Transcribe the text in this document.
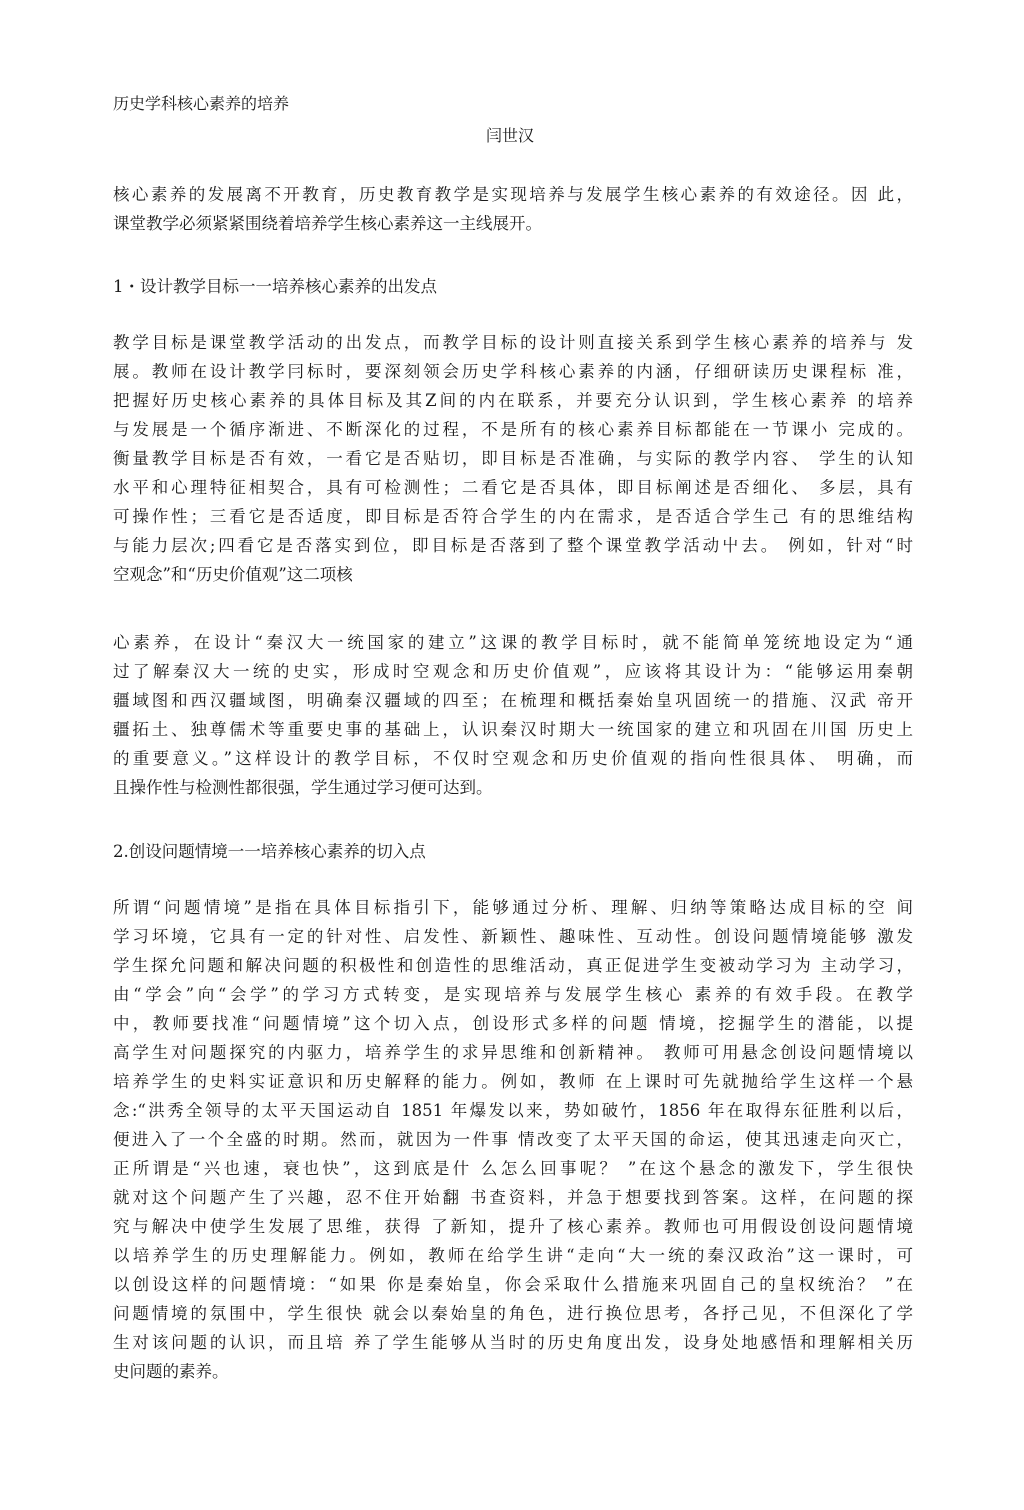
历史学科核心素养的培养
闫世汉
核心素养的发展离不开教育，历史教育教学是实现培养与发展学生核心素养的有效途径。因 此，
课堂教学必须紧紧围绕着培养学生核心素养这一主线展开。
1・设计教学目标一一培养核心素养的出发点
教学目标是课堂教学活动的出发点，而教学目标的设计则直接关系到学生核心素养的培养与 发
展。教师在设计教学冃标时，要深刻领会历史学科核心素养的内涵，仔细研读历史课程标 准，
把握好历史核心素养的具体目标及其Z间的内在联系，并要充分认识到，学生核心素养 的培养
与发展是一个循序渐进、不断深化的过程，不是所有的核心素养目标都能在一节课小 完成的。
衡量教学目标是否有效，一看它是否贴切，即目标是否准确，与实际的教学内容、 学生的认知
水平和心理特征相契合，具有可检测性；二看它是否具体，即目标阐述是否细化、 多层，具有
可操作性；三看它是否适度，即目标是否符合学生的内在需求，是否适合学生己 有的思维结构
与能力层次;四看它是否落实到位，即目标是否落到了整个课堂教学活动屮去。 例如，针对“时
空观念”和“历史价值观”这二项核
心素养，在设计“秦汉大一统国家的建立”这课的教学目标时，就不能简单笼统地设定为“通
过了解秦汉大一统的史实，形成时空观念和历史价值观”，应该将其设计为：“能够运用秦朝
疆域图和西汉疆域图，明确秦汉疆域的四至；在梳理和概括秦始皇巩固统一的措施、汉武 帝开
疆拓土、独尊儒术等重要史事的基础上，认识秦汉时期大一统国家的建立和巩固在川国 历史上
的重要意义。”这样设计的教学目标，不仅时空观念和历史价值观的指向性很具体、 明确，而
且操作性与检测性都很强，学生通过学习便可达到。
2.创设问题情境一一培养核心素养的切入点
所谓“问题情境”是指在具体目标指引下，能够通过分析、理解、归纳等策略达成目标的空 间
学习坏境，它具有一定的针对性、启发性、新颖性、趣味性、互动性。创设问题情境能够 激发
学生探允问题和解决问题的积极性和创造性的思维活动，真正促进学生变被动学习为 主动学习，
由“学会”向“会学”的学习方式转变，是实现培养与发展学生核心 素养的有效手段。在教学
中，教师要找准“问题情境”这个切入点，创设形式多样的问题 情境，挖掘学生的潜能，以提
高学生对问题探究的内驱力，培养学生的求异思维和创新精神。 教师可用悬念创设问题情境以
培养学生的史料实证意识和历史解释的能力。例如，教师 在上课时可先就抛给学生这样一个悬
念:“洪秀全领导的太平天国运动自 1851 年爆发以来，势如破竹，1856 年在取得东征胜利以后，
便进入了一个全盛的时期。然而，就因为一件事 情改变了太平天国的命运，使其迅速走向灭亡，
正所谓是“兴也速，衰也快”，这到底是什 么怎么回事呢？ ”在这个悬念的激发下，学生很快
就对这个问题产生了兴趣，忍不住开始翻 书查资料，并急于想要找到答案。这样，在问题的探
究与解决中使学生发展了思维，获得 了新知，提升了核心素养。教师也可用假设创设问题情境
以培养学生的历史理解能力。例如，教师在给学生讲“走向“大一统的秦汉政治”这一课时，可
以创设这样的问题情境：“如果 你是秦始皇，你会采取什么措施来巩固自己的皇权统治？ ”在
问题情境的氛围中，学生很快 就会以秦始皇的角色，进行换位思考，各抒己见，不但深化了学
生对该问题的认识，而且培 养了学生能够从当时的历史角度出发，设身处地感悟和理解相关历
史问题的素养。
